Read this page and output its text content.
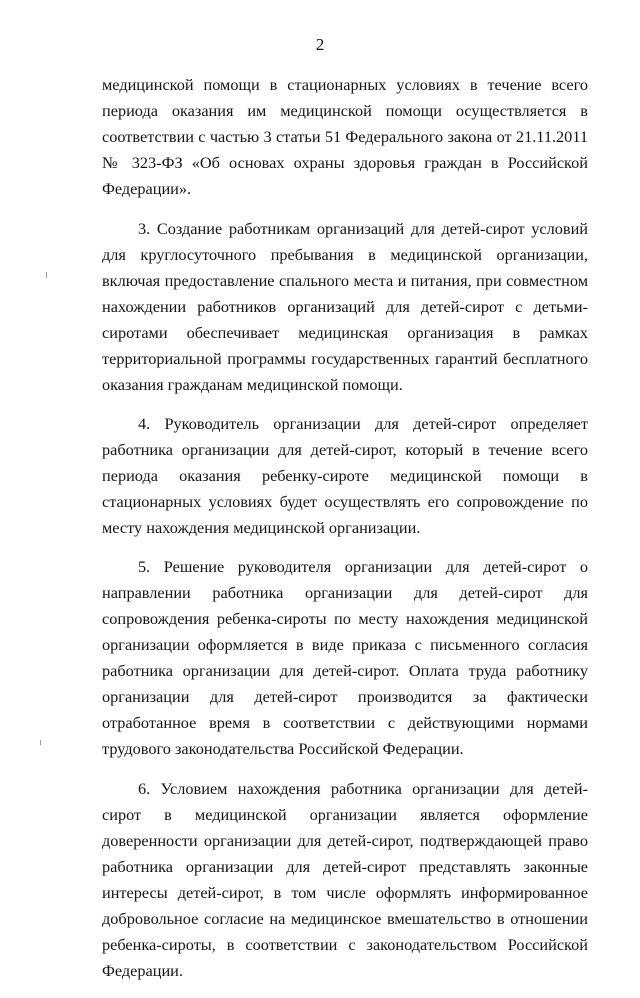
2

медицинской помощи в стационарных условиях в течение всего периода оказания им медицинской помощи осуществляется в соответствии с частью 3 статьи 51 Федерального закона от 21.11.2011 № 323-ФЗ «Об основах охраны здоровья граждан в Российской Федерации».

3. Создание работникам организаций для детей-сирот условий для круглосуточного пребывания в медицинской организации, включая предоставление спального места и питания, при совместном нахождении работников организаций для детей-сирот с детьми-сиротами обеспечивает медицинская организация в рамках территориальной программы государственных гарантий бесплатного оказания гражданам медицинской помощи.

4. Руководитель организации для детей-сирот определяет работника организации для детей-сирот, который в течение всего периода оказания ребенку-сироте медицинской помощи в стационарных условиях будет осуществлять его сопровождение по месту нахождения медицинской организации.

5. Решение руководителя организации для детей-сирот о направлении работника организации для детей-сирот для сопровождения ребенка-сироты по месту нахождения медицинской организации оформляется в виде приказа с письменного согласия работника организации для детей-сирот. Оплата труда работнику организации для детей-сирот производится за фактически отработанное время в соответствии с действующими нормами трудового законодательства Российской Федерации.

6. Условием нахождения работника организации для детей-сирот в медицинской организации является оформление доверенности организации для детей-сирот, подтверждающей право работника организации для детей-сирот представлять законные интересы детей-сирот, в том числе оформлять информированное добровольное согласие на медицинское вмешательство в отношении ребенка-сироты, в соответствии с законодательством Российской Федерации.
